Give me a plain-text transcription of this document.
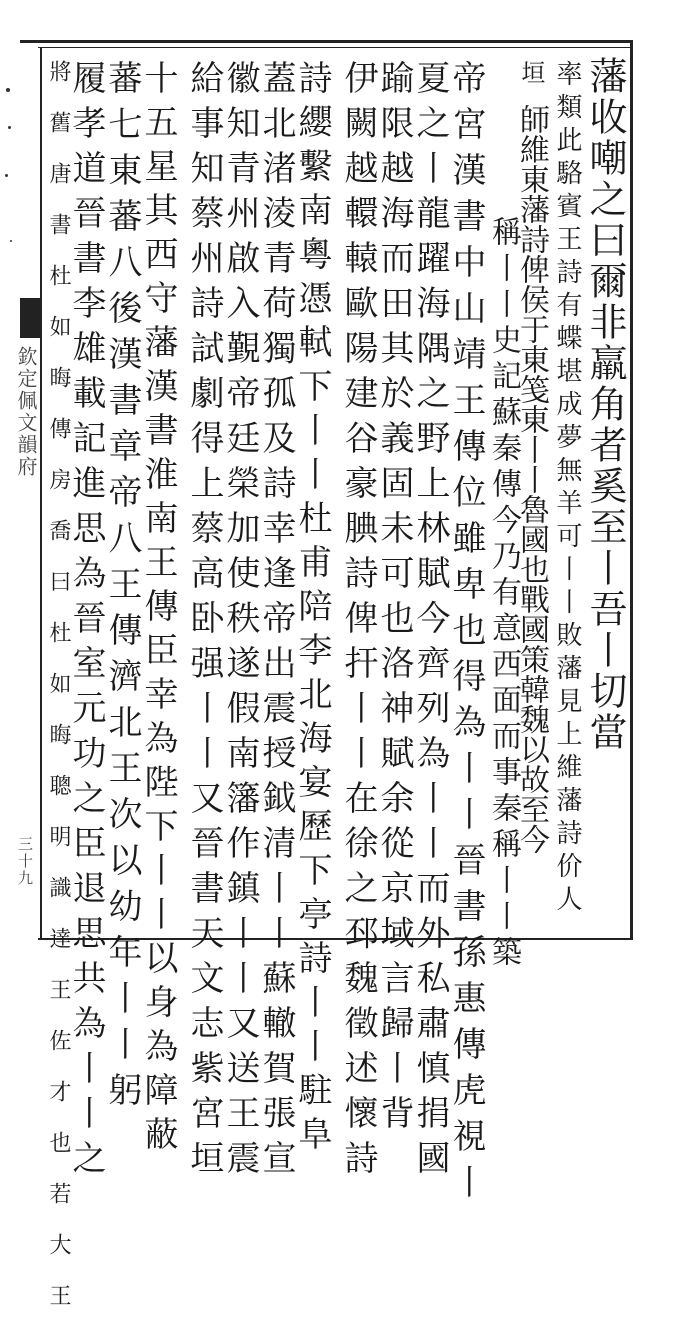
欽定佩文韻府
三十九
藩收嘲之曰爾非羸角者奚至丨吾丨切當
率類此駱賓王詩有蝶堪成夢無羊可丨丨敗藩見上維藩詩价人
垣
師維東藩詩俾侯于東笺東丨丨魯國也戰國策韓魏以故至今
稱丨丨史記蘇秦傳今乃有意西面而事秦稱丨丨築
帝宮漢書中山靖王傳位雖卑也得為丨丨晉書孫惠傳虎視丨
夏之丨龍躍海隅之野上林賦今齊列為丨丨而外私肅慎捐國
踰限越海而田其於義固未可也洛神賦余從京域言歸丨背
伊闕越轘轅歐陽建谷豪腆詩俾扞丨丨在徐之邳魏徵述懷詩
詩纓繫南粵憑軾下丨丨杜甫陪李北海宴歷下亭詩丨丨駐阜
蓋北渚淩青荷獨孤及詩幸逢帝出震授鉞清丨丨蘇轍賀張宣
徽知青州啟入覲帝廷榮加使秩遂假南籓作鎮丨丨又送王震
給事知蔡州詩試劇得上蔡高卧强丨丨又晉書天文志紫宮垣
十五星其西守藩漢書淮南王傳臣幸為陛下丨丨以身為障蔽
蕃七東蕃八後漢書章帝八王傳濟北王次以幼年丨丨躬
履孝道晉書李雄載記進思為晉室元功之臣退思共為丨丨之
將舊唐書杜如晦傳房喬曰杜如晦聰明識達王佐才也若大王
